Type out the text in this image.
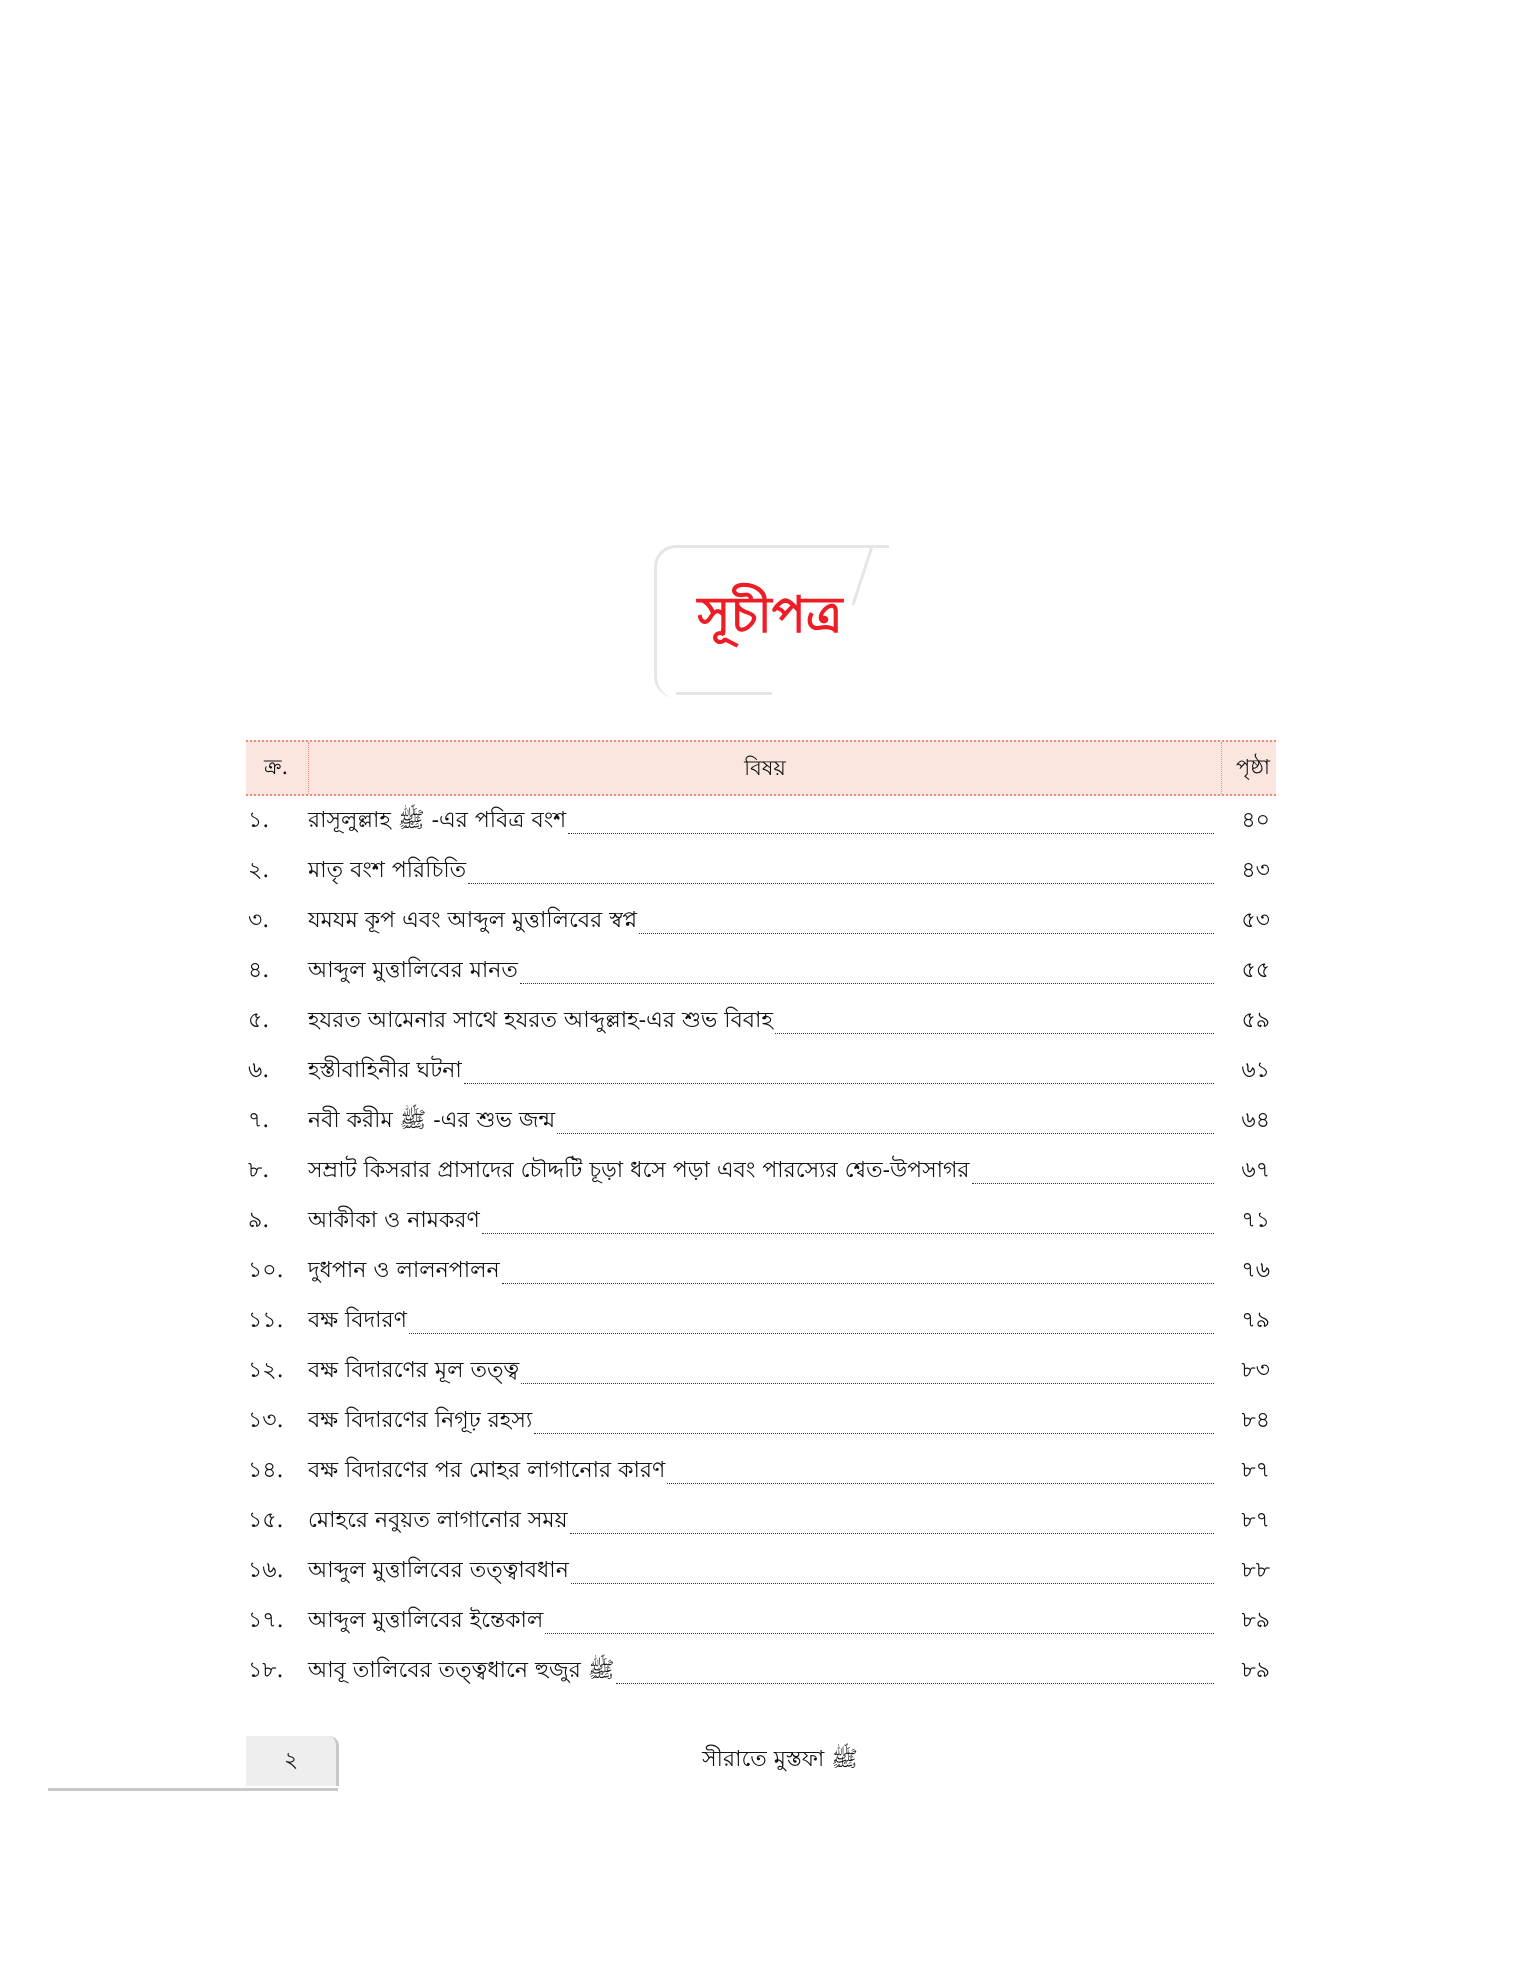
সূচীপত্র
ক্র.	বিষয়	পৃষ্ঠা
১.	রাসূলুল্লাহ ﷺ -এর পবিত্র বংশ	৪০
২.	মাতৃ বংশ পরিচিতি	৪৩
৩.	যমযম কূপ এবং আব্দুল মুত্তালিবের স্বপ্ন	৫৩
৪.	আব্দুল মুত্তালিবের মানত	৫৫
৫.	হযরত আমেনার সাথে হযরত আব্দুল্লাহ-এর শুভ বিবাহ	৫৯
৬.	হস্তীবাহিনীর ঘটনা	৬১
৭.	নবী করীম ﷺ -এর শুভ জন্ম	৬৪
৮.	সম্রাট কিসরার প্রাসাদের চৌদ্দটি চূড়া ধসে পড়া এবং পারস্যের শ্বেত-উপসাগর	৬৭
৯.	আকীকা ও নামকরণ	৭১
১০.	দুধপান ও লালনপালন	৭৬
১১.	বক্ষ বিদারণ	৭৯
১২.	বক্ষ বিদারণের মূল তত্ত্ব	৮৩
১৩.	বক্ষ বিদারণের নিগূঢ় রহস্য	৮৪
১৪.	বক্ষ বিদারণের পর মোহর লাগানোর কারণ	৮৭
১৫.	মোহরে নবুয়ত লাগানোর সময়	৮৭
১৬.	আব্দুল মুত্তালিবের তত্ত্বাবধান	৮৮
১৭.	আব্দুল মুত্তালিবের ইন্তেকাল	৮৯
১৮.	আবূ তালিবের তত্ত্বধানে হুজুর ﷺ	৮৯
২	সীরাতে মুস্তফা ﷺ
